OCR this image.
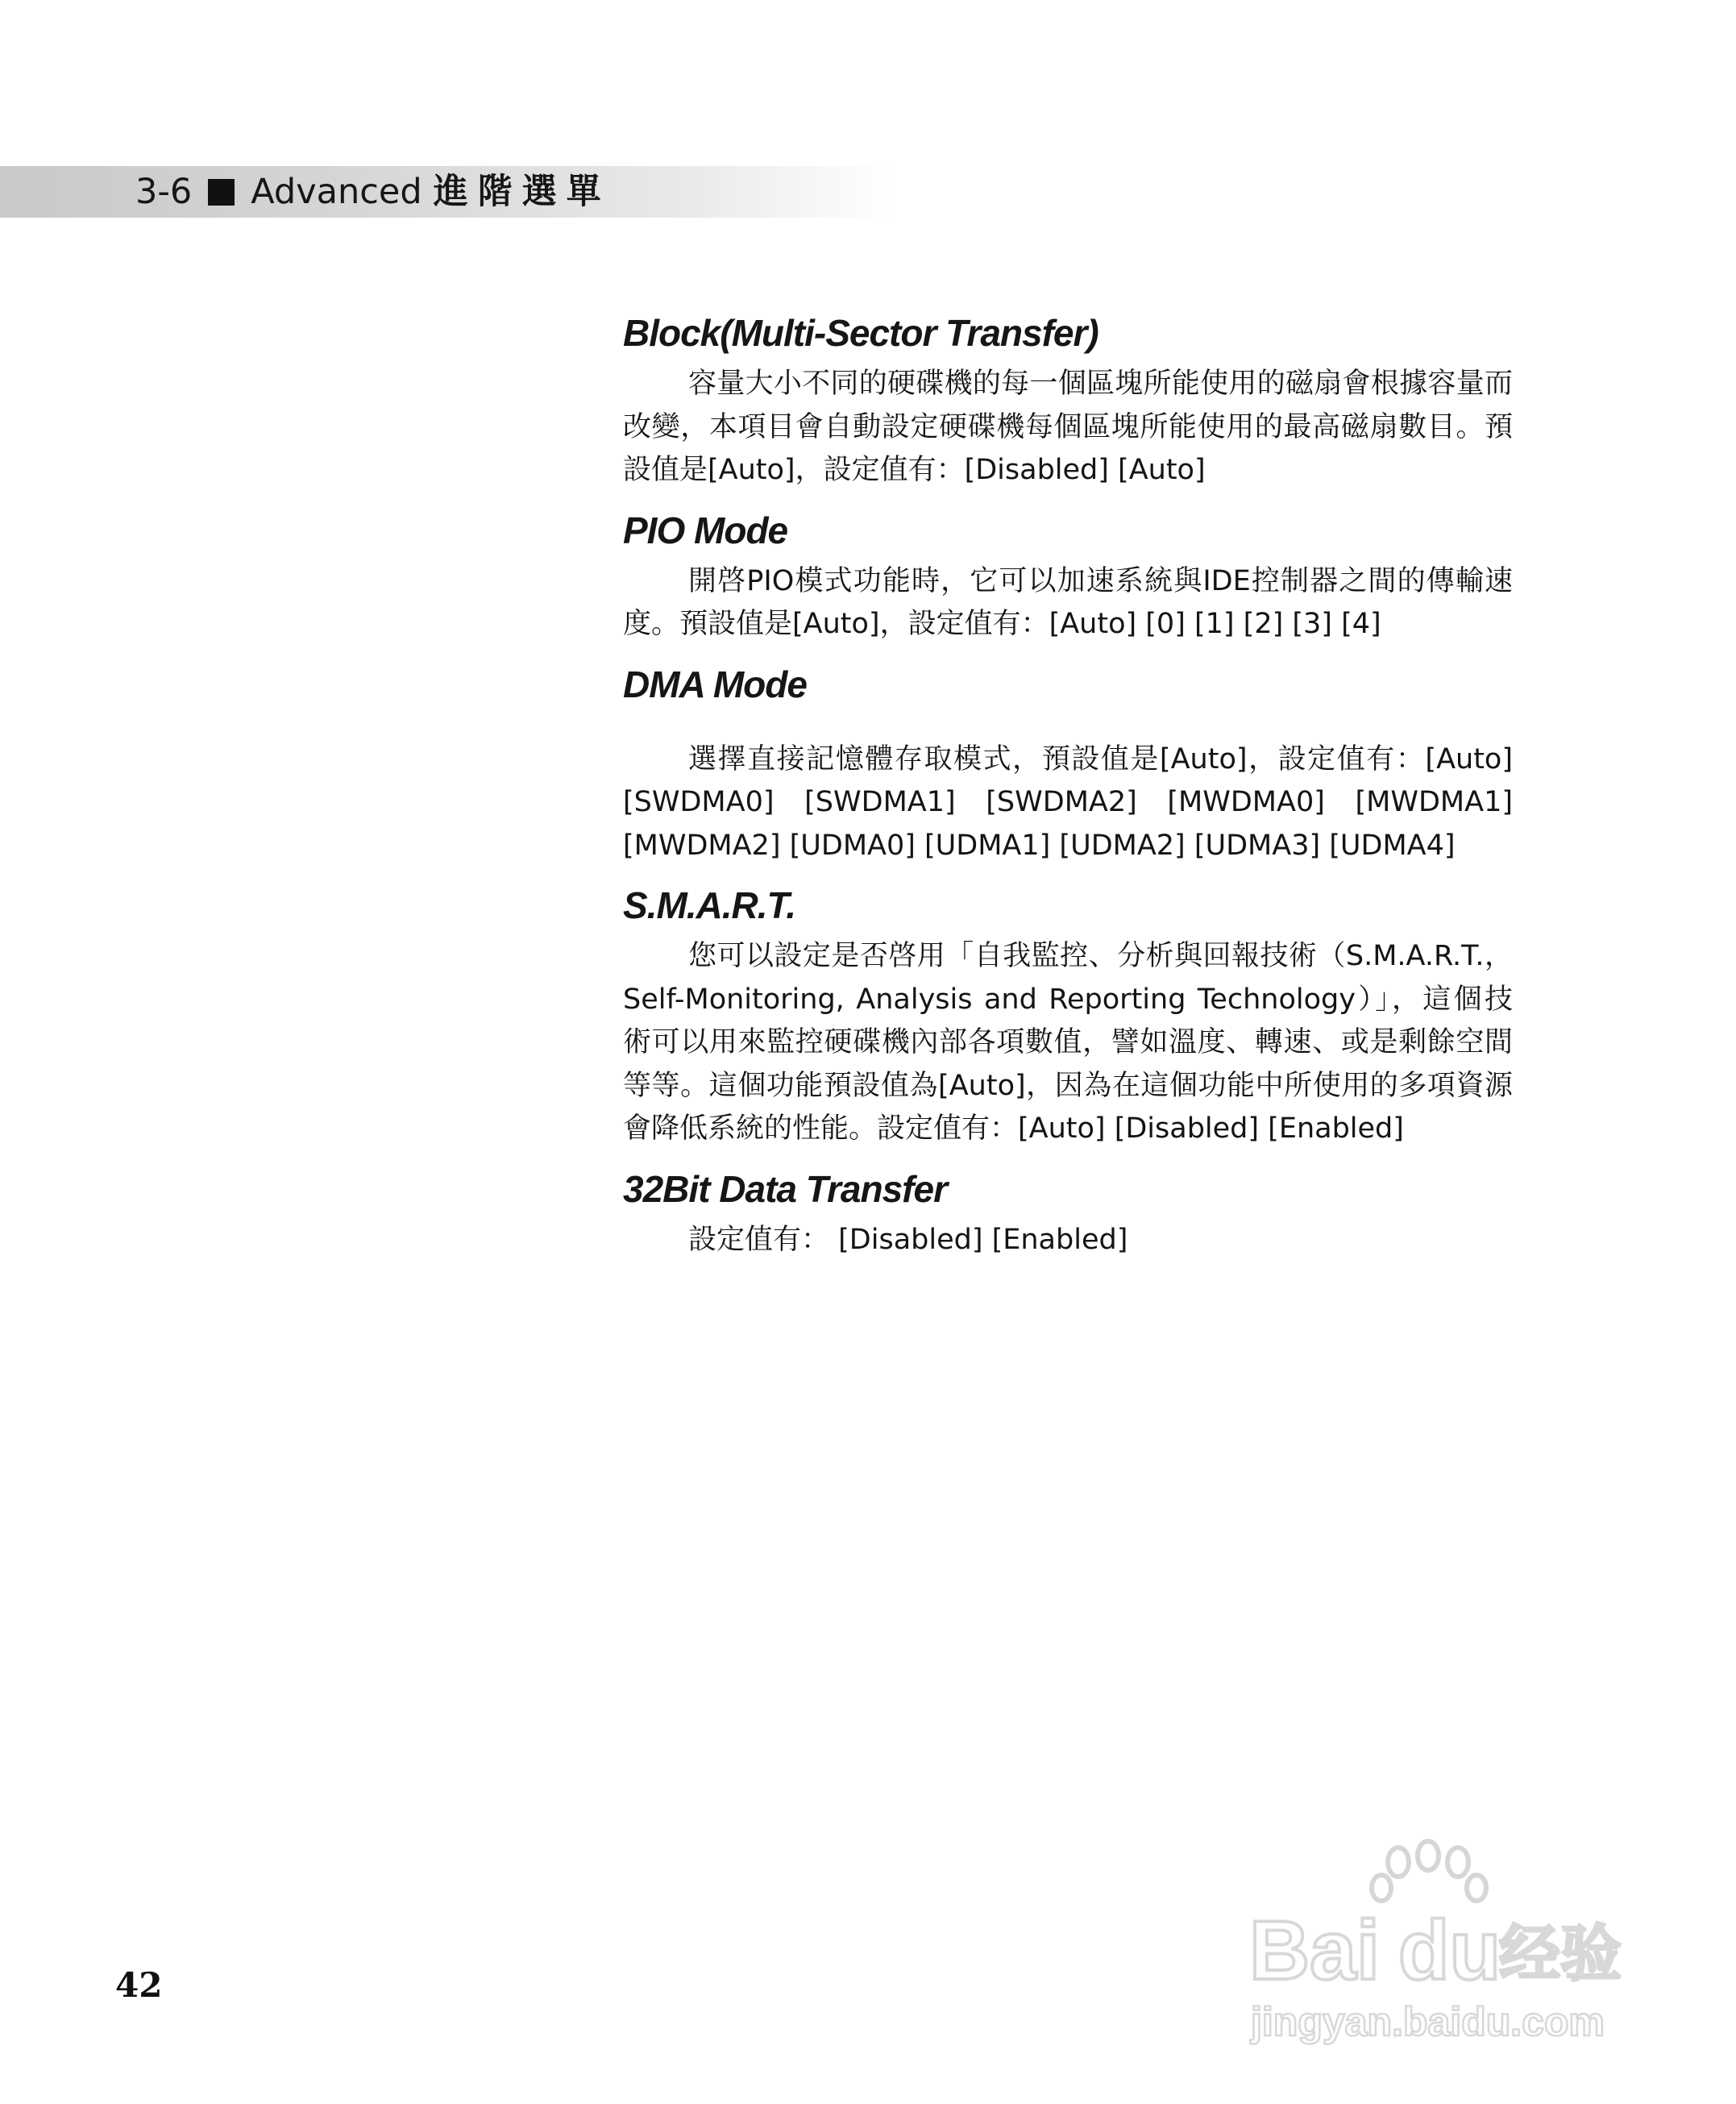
3-6 Advanced 進階選單
Block(Multi-Sector Transfer)

容量大小不同的硬碟機的每一個區塊所能使用的磁扇會根據容量而改變，本項目會自動設定硬碟機每個區塊所能使用的最高磁扇數目。預設值是[Auto]，設定值有：[Disabled] [Auto]

PIO Mode

開啓PIO模式功能時，它可以加速系統與IDE控制器之間的傳輸速度。預設值是[Auto]，設定值有：[Auto] [0] [1] [2] [3] [4]

DMA Mode

選擇直接記憶體存取模式，預設值是[Auto]，設定值有：[Auto] [SWDMA0] [SWDMA1] [SWDMA2] [MWDMA0] [MWDMA1] [MWDMA2] [UDMA0] [UDMA1] [UDMA2] [UDMA3] [UDMA4]

S.M.A.R.T.

您可以設定是否啓用「自我監控、分析與回報技術（S.M.A.R.T.，Self-Monitoring, Analysis and Reporting Technology）」，這個技術可以用來監控硬碟機內部各項數值，譬如溫度、轉速、或是剩餘空間等等。這個功能預設值為[Auto]，因為在這個功能中所使用的多項資源會降低系統的性能。設定值有：[Auto] [Disabled] [Enabled]

32Bit Data Transfer

設定值有： [Disabled] [Enabled]

42	Bai du
经验
jingyan.baidu.com
